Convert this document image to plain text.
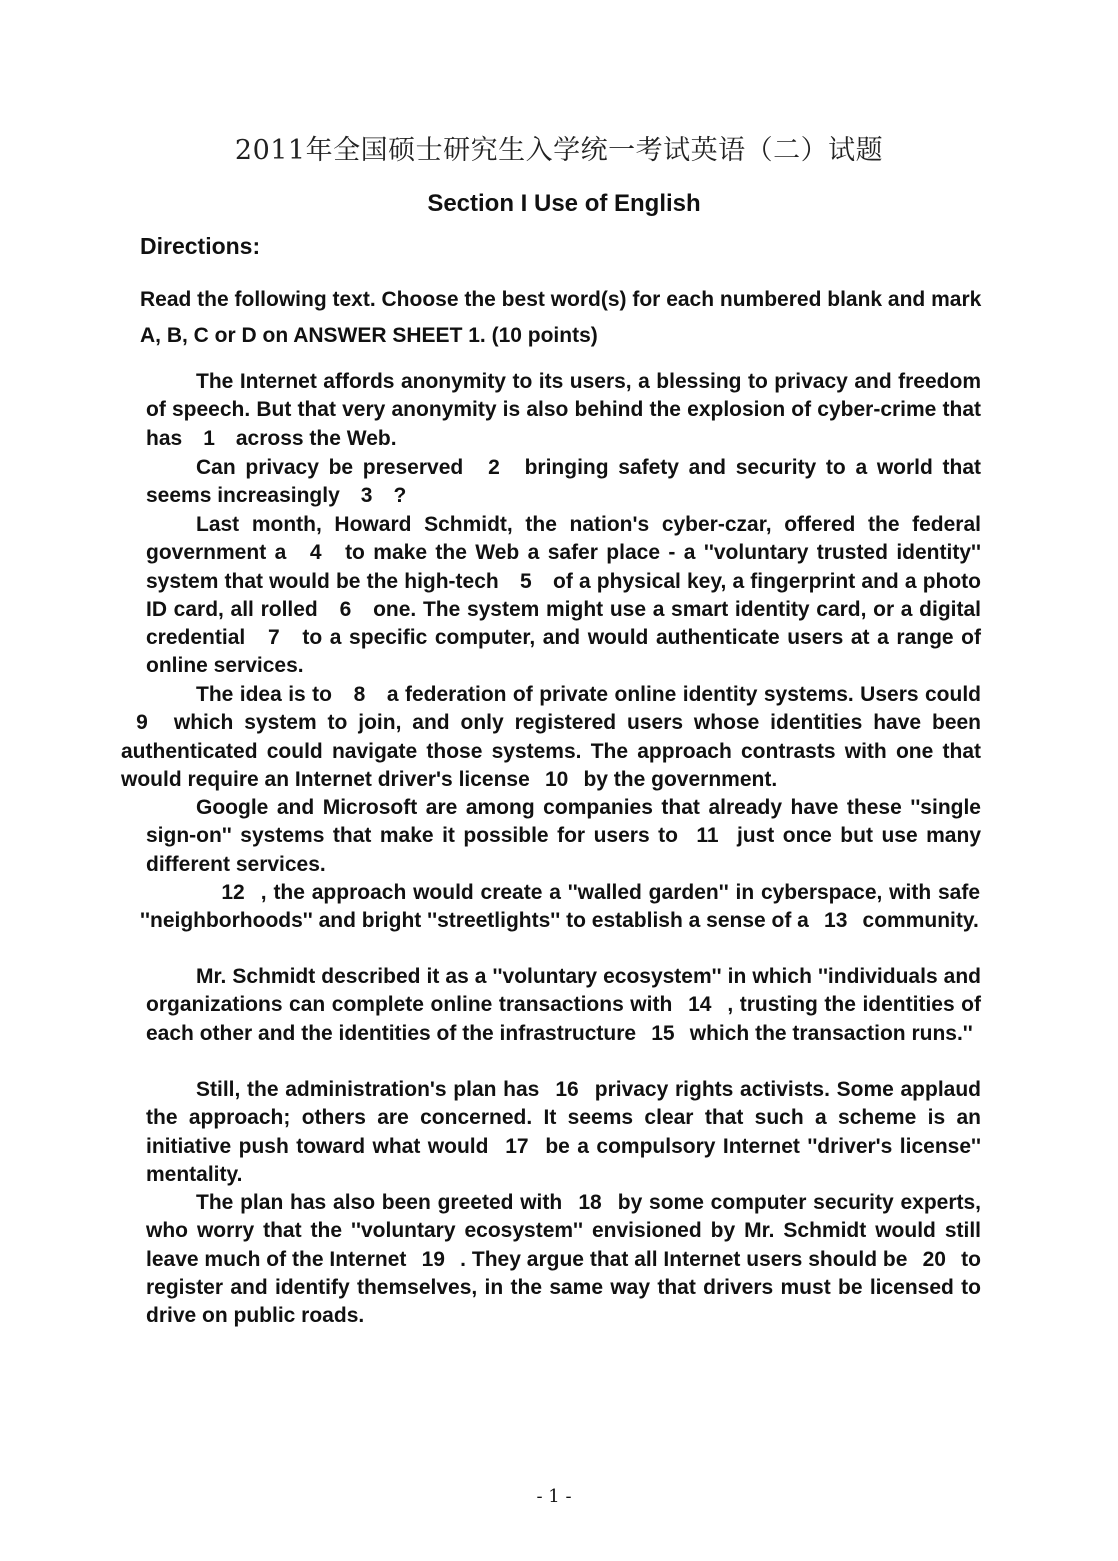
2011年全国硕士研究生入学统一考试英语（二）试题
Section I Use of English
Directions:
Read the following text. Choose the best word(s) for each numbered blank and mark A, B, C or D on ANSWER SHEET 1. (10 points)
The Internet affords anonymity to its users, a blessing to privacy and freedom of speech. But that very anonymity is also behind the explosion of cyber-crime that has 1 across the Web.
Can privacy be preserved 2 bringing safety and security to a world that seems increasingly 3 ?
Last month, Howard Schmidt, the nation's cyber-czar, offered the federal government a 4 to make the Web a safer place - a ''voluntary trusted identity'' system that would be the high-tech 5 of a physical key, a fingerprint and a photo ID card, all rolled 6 one. The system might use a smart identity card, or a digital credential 7 to a specific computer, and would authenticate users at a range of online services.
The idea is to 8 a federation of private online identity systems. Users could 9 which system to join, and only registered users whose identities have been authenticated could navigate those systems. The approach contrasts with one that would require an Internet driver's license 10 by the government.
Google and Microsoft are among companies that already have these ''single sign-on'' systems that make it possible for users to 11 just once but use many different services.
12 , the approach would create a ''walled garden'' in cyberspace, with safe ''neighborhoods'' and bright ''streetlights'' to establish a sense of a 13 community.
Mr. Schmidt described it as a ''voluntary ecosystem'' in which ''individuals and organizations can complete online transactions with 14 , trusting the identities of each other and the identities of the infrastructure 15 which the transaction runs.''
Still, the administration's plan has 16 privacy rights activists. Some applaud the approach; others are concerned. It seems clear that such a scheme is an initiative push toward what would 17 be a compulsory Internet ''driver's license'' mentality.
The plan has also been greeted with 18 by some computer security experts, who worry that the ''voluntary ecosystem'' envisioned by Mr. Schmidt would still leave much of the Internet 19 . They argue that all Internet users should be 20 to register and identify themselves, in the same way that drivers must be licensed to drive on public roads.
- 1 -
